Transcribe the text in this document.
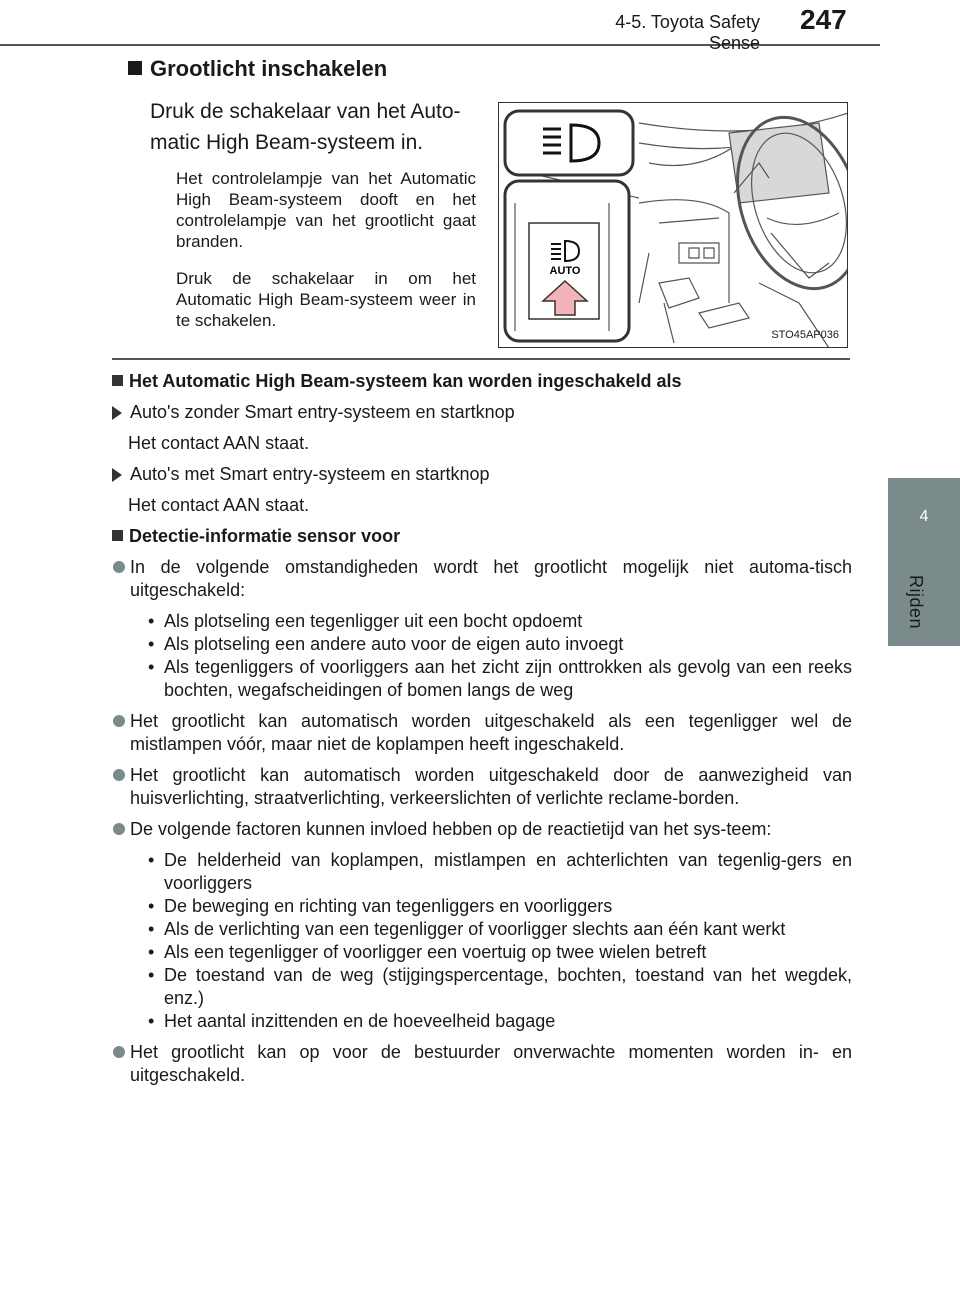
4-5. Toyota Safety Sense
247
4
Rijden
Grootlicht inschakelen
Druk de schakelaar van het Auto-matic High Beam-systeem in.
Het controlelampje van het Automatic High Beam-systeem dooft en het controlelampje van het grootlicht gaat branden.
Druk de schakelaar in om het Automatic High Beam-systeem weer in te schakelen.
AUTO
STO45AP036
Het Automatic High Beam-systeem kan worden ingeschakeld als
Auto's zonder Smart entry-systeem en startknop
Het contact AAN staat.
Auto's met Smart entry-systeem en startknop
Het contact AAN staat.
Detectie-informatie sensor voor
In de volgende omstandigheden wordt het grootlicht mogelijk niet automa-tisch uitgeschakeld:
• Als plotseling een tegenligger uit een bocht opdoemt
• Als plotseling een andere auto voor de eigen auto invoegt
• Als tegenliggers of voorliggers aan het zicht zijn onttrokken als gevolg van een reeks bochten, wegafscheidingen of bomen langs de weg
Het grootlicht kan automatisch worden uitgeschakeld als een tegenligger wel de mistlampen vóór, maar niet de koplampen heeft ingeschakeld.
Het grootlicht kan automatisch worden uitgeschakeld door de aanwezigheid van huisverlichting, straatverlichting, verkeerslichten of verlichte reclame-borden.
De volgende factoren kunnen invloed hebben op de reactietijd van het sys-teem:
• De helderheid van koplampen, mistlampen en achterlichten van tegenlig-gers en voorliggers
• De beweging en richting van tegenliggers en voorliggers
• Als de verlichting van een tegenligger of voorligger slechts aan één kant werkt
• Als een tegenligger of voorligger een voertuig op twee wielen betreft
• De toestand van de weg (stijgingspercentage, bochten, toestand van het wegdek, enz.)
• Het aantal inzittenden en de hoeveelheid bagage
Het grootlicht kan op voor de bestuurder onverwachte momenten worden in- en uitgeschakeld.
